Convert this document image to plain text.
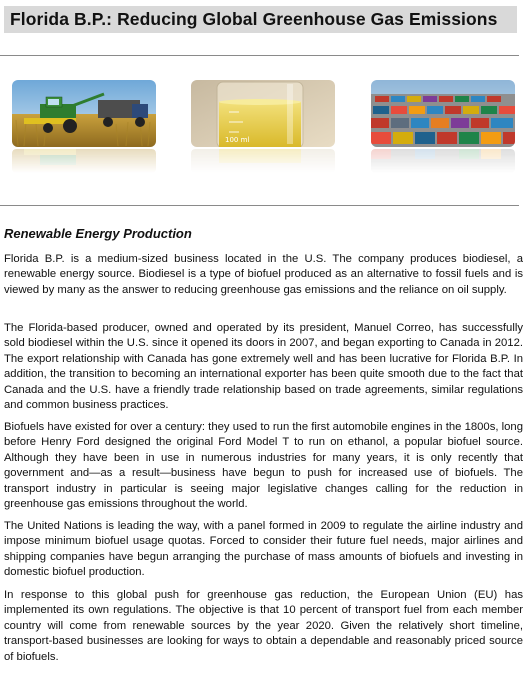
Florida B.P.: Reducing Global Greenhouse Gas Emissions
100 ml
Renewable Energy Production

Florida B.P. is a medium-sized business located in the U.S. The company produces biodiesel, a renewable energy source. Biodiesel is a type of biofuel produced as an alternative to fossil fuels and is viewed by many as the answer to reducing greenhouse gas emissions and the reliance on oil supply.

The Florida-based producer, owned and operated by its president, Manuel Correo, has successfully sold biodiesel within the U.S. since it opened its doors in 2007, and began exporting to Canada in 2012. The export relationship with Canada has gone extremely well and has been lucrative for Florida B.P. In addition, the transition to becoming an international exporter has been quite smooth due to the fact that Canada and the U.S. have a friendly trade relationship based on trade agreements, similar regulations and common business practices.

Biofuels have existed for over a century: they used to run the first automobile engines in the 1800s, long before Henry Ford designed the original Ford Model T to run on ethanol, a popular biofuel source. Although they have been in use in numerous industries for many years, it is only recently that government and—as a result—business have begun to push for increased use of biofuels. The transport industry in particular is seeing major legislative changes calling for the reduction in greenhouse gas emissions throughout the world.

The United Nations is leading the way, with a panel formed in 2009 to regulate the airline industry and impose minimum biofuel usage quotas. Forced to consider their future fuel needs, major airlines and shipping companies have begun arranging the purchase of mass amounts of biofuels and investing in domestic biofuel production.

In response to this global push for greenhouse gas reduction, the European Union (EU) has implemented its own regulations. The objective is that 10 percent of transport fuel from each member country will come from renewable sources by the year 2020. Given the relatively short timeline, transport-based businesses are looking for ways to obtain a dependable and reasonably priced source of biofuels.
